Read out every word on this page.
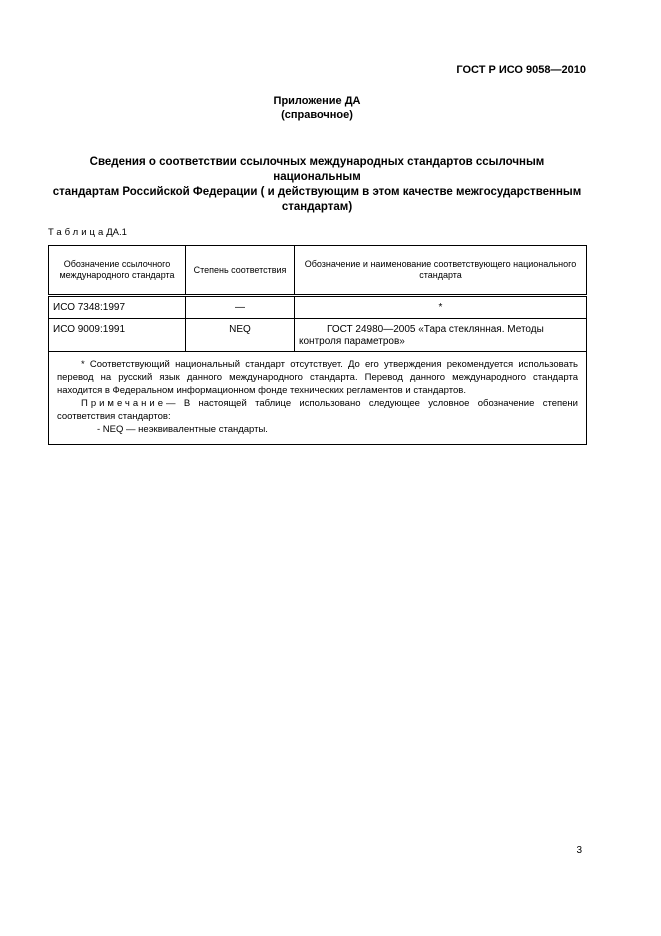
ГОСТ Р ИСО 9058—2010
Приложение ДА
(справочное)
Сведения о соответствии ссылочных международных стандартов ссылочным национальным
стандартам Российской Федерации ( и действующим в этом качестве межгосударственным
стандартам)
ТаблицаДА.1
Обозначение ссылочного международного стандарта	Степень соответствия	Обозначение и наименование соответствующего национального стандарта
ИСО 7348:1997	—	*
ИСО 9009:1991	NEQ	ГОСТ 24980—2005 «Тара стеклянная. Методы контроля параметров»

* Соответствующий национальный стандарт отсутствует. До его утверждения рекомендуется использовать перевод на русский язык данного международного стандарта. Перевод данного международного стандарта находится в Федеральном информационном фонде технических регламентов и стандартов.

Примечание— В настоящей таблице использовано следующее условное обозначение степени соответствия стандартов:

- NEQ — неэквивалентные стандарты.		

3
